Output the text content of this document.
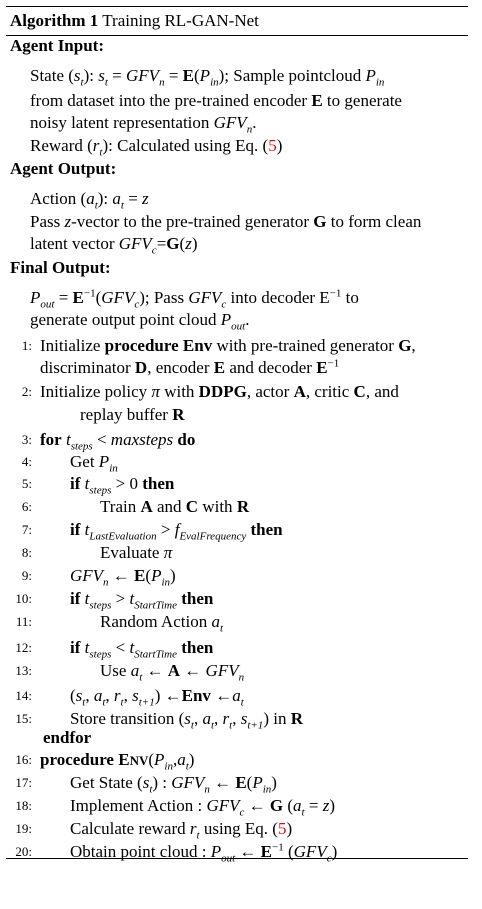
Algorithm 1 Training RL-GAN-Net
Agent Input:
State $(s_t)$: $s_t = GFV_n = E(P_{in})$; Sample pointcloud $P_{in}$
from dataset into the pre-trained encoder E to generate
noisy latent representation $GFV_n$.
Reward $(r_t)$: Calculated using Eq. (5)
Agent Output:
Action $(a_t)$: $a_t = z$
Pass z-vector to the pre-trained generator G to form clean
latent vector $GFV_c=G(z)$
Final Output:
$P_{out} = E^{-1}(GFV_c)$; Pass $GFV_c$ into decoder $E^{-1}$ to
generate output point cloud $P_{out}$.
1: Initialize procedure Env with pre-trained generator G,
discriminator D, encoder E and decoder $E^{-1}$
2: Initialize policy π with DDPG, actor A, critic C, and
replay buffer R
3: for $t_{steps}$ < maxsteps do
4: Get $P_{in}$
5: if $t_{steps} > 0$ then
6:	Train A and C with R
7: if $t_{LastEvaluation} > f_{EvalFrequency}$ then
8:	Evaluate π
9: $GFV_n$ ← $E(P_{in})$
10: if $t_{steps} > t_{StartTime}$ then
11:	Random Action $a_t$
12: if $t_{steps} < t_{StartTime}$ then
13:	Use $a_t$ ← A ← $GFV_n$
14: ($s_t$, $a_t$, $r_t$, $s_{t+1}$) ←Env $\leftarrow a_t$
15: Store transition ($s_t$, $a_t$, $r_t$, $s_{t+1}$) in R
endfor
16: procedure $ENV(P_{in},a_t)$
17: Get State $(s_t)$ : $GFV_n$ ← $E(P_{in})$
18: Implement Action : $GFV_c$ ← G $(a_t = z)$
19: Calculate reward $r_t$ using Eq. (5)
20: Obtain point cloud : $P_{out}$ ← $E^{-1}$ $(GFV_c)$
